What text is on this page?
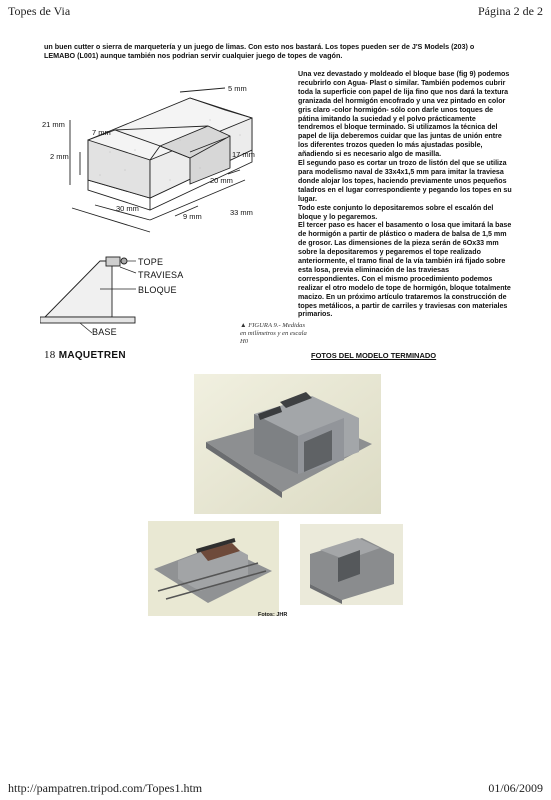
Topes de Via	Página 2 de 2
un buen cutter o sierra de marquetería y un juego de limas. Con esto nos bastará. Los topes pueden ser de J'S Models (203) o LEMABO (L001) aunque también nos podrian servir cualquier juego de topes de vagón.
5 mm
21 mm
7 mm
2 mm	17 mm
20 mm
30 mm
9 mm	33 mm
TOPE
TRAVIESA
BLOQUE
BASE
▲ FIGURA 9.- Medidas en milímetros y en escala H0

Una vez devastado y moldeado el bloque base (fig 9) podemos recubrirlo con Agua- Plast o similar. También podemos cubrir toda la superficie con papel de lija fino que nos dará la textura granizada del hormigón encofrado y una vez pintado en color gris claro -color hormigón- sólo con darle unos toques de pátina imitando la suciedad y el polvo prácticamente tendremos el bloque terminado. Si utilizamos la técnica del papel de lija deberemos cuidar que las juntas de unión entre los diferentes trozos queden lo más ajustadas posible, añadiendo si es necesario algo de masilla.

El segundo paso es cortar un trozo de listón del que se utiliza para modelismo naval de 33x4x1,5 mm para imitar la traviesa donde alojar los topes, haciendo previamente unos pequeños taladros en el lugar correspondiente y pegando los topes en su lugar.

Todo este conjunto lo depositaremos sobre el escalón del bloque y lo pegaremos.

El tercer paso es hacer el basamento o losa que imitará la base de hormigón a partir de plástico o madera de balsa de 1,5 mm de grosor. Las dimensiones de la pieza serán de 6Ox33 mm sobre la depositaremos y pegaremos el tope realizado anteriormente, el tramo final de la vía también irá fijado sobre esta losa, previa eliminación de las traviesas correspondientes. Con el mismo procedimiento podemos realizar el otro modelo de tope de hormigón, bloque totalmente macizo. En un próximo artículo trataremos la construcción de topes metálicos, a partir de carriles y traviesas con materiales primarios.

18 MAQUETREN	FOTOS DEL MODELO TERMINADO
Fotos: JHR
http://pampatren.tripod.com/Topes1.htm	01/06/2009
